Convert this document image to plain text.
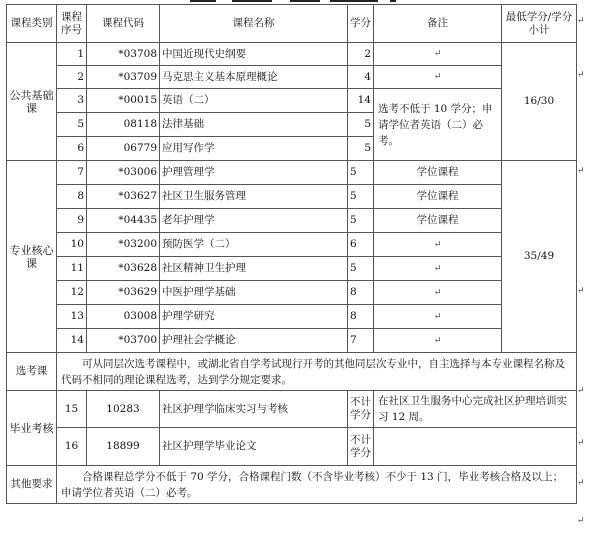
课程类别	课程序号	课程代码	课程名称	学分	备注	最低学分/学分小计
公共基础课	1	*03708	中国近现代史纲要	2	↵	16/30
	2	*03709	马克思主义基本原理概论	4	↵	
	3	*00015	英语（二）	14	选考不低于 10 学分；申请学位者英语（二）必考。	
	5	08118	法律基础	5		
	6	06779	应用写作学	5		
专业核心课	7	*03006	护理管理学	5	学位课程	35/49
	8	*03627	社区卫生服务管理	5	学位课程	
	9	*04435	老年护理学	5	学位课程	
	10	*03200	预防医学（二）	6	↵	
	11	*03628	社区精神卫生护理	5	↵	
	12	*03629	中医护理学基础	8	↵	
	13	03008	护理学研究	8	↵	
	14	*03700	护理社会学概论	7	↵	
选考课	可从同层次选考课程中，或湖北省自学考试现行开考的其他同层次专业中，自主选择与本专业课程名称及代码不相同的理论课程选考，达到学分规定要求。					
毕业考核	15	10283	社区护理学临床实习与考核	不计学分	在社区卫生服务中心完成社区护理培训实习 12 周。	
	16	18899	社区护理学毕业论文	不计学分		
其他要求	合格课程总学分不低于 70 学分，合格课程门数（不含毕业考核）不少于 13 门，毕业考核合格及以上；申请学位者英语（二）必考。					
↵
↵
↵
↵
↵
↵
↵
↵
